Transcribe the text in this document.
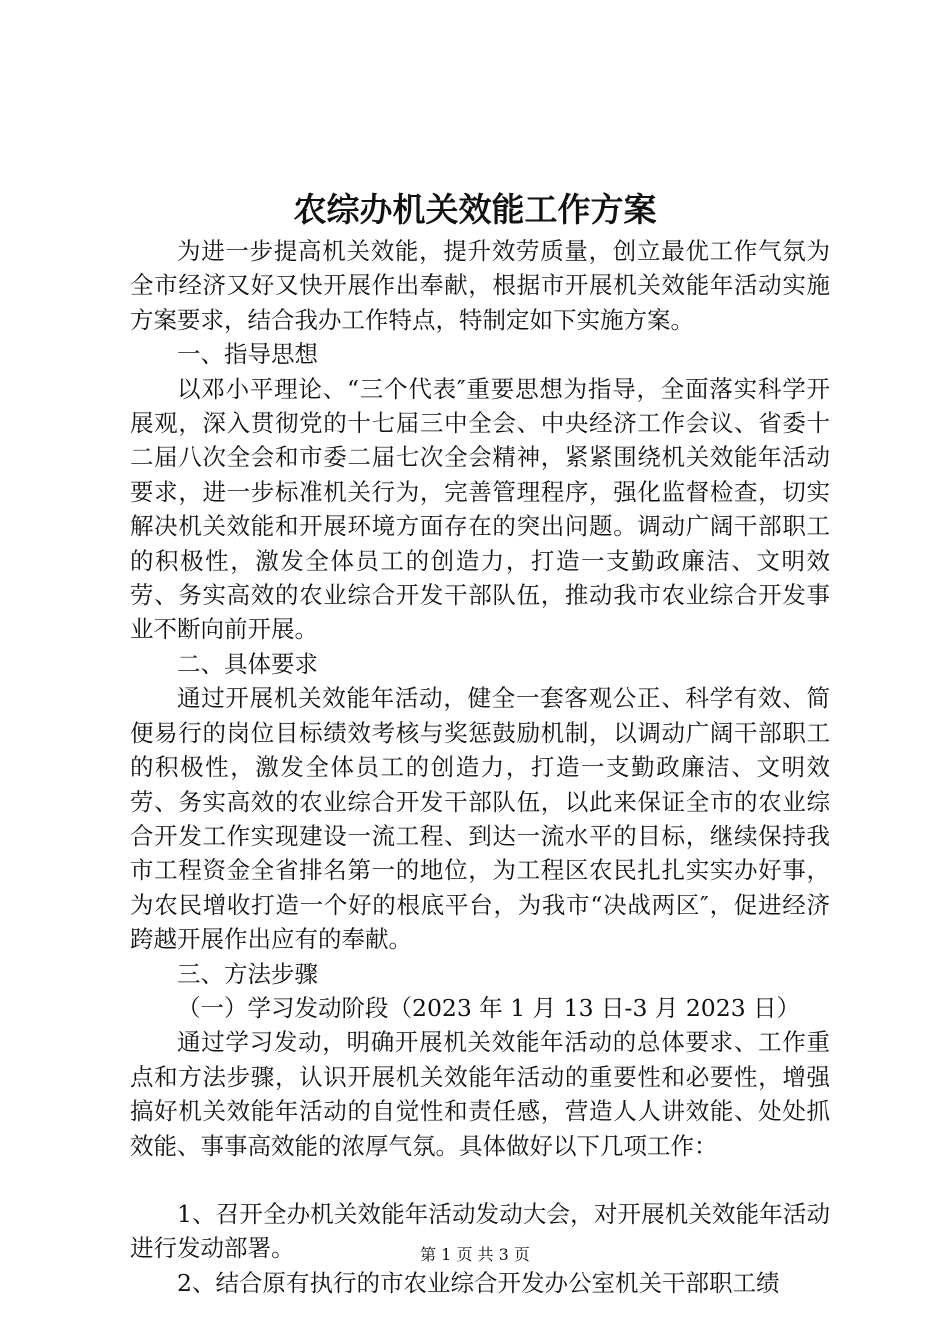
农综办机关效能工作方案

为进一步提高机关效能，提升效劳质量，创立最优工作气氛为全市经济又好又快开展作出奉献，根据市开展机关效能年活动实施方案要求，结合我办工作特点，特制定如下实施方案。

一、指导思想

以邓小平理论、“三个代表″重要思想为指导，全面落实科学开展观，深入贯彻党的十七届三中全会、中央经济工作会议、省委十二届八次全会和市委二届七次全会精神，紧紧围绕机关效能年活动要求，进一步标准机关行为，完善管理程序，强化监督检查，切实解决机关效能和开展环境方面存在的突出问题。调动广阔干部职工的积极性，激发全体员工的创造力，打造一支勤政廉洁、文明效劳、务实高效的农业综合开发干部队伍，推动我市农业综合开发事业不断向前开展。

二、具体要求

通过开展机关效能年活动，健全一套客观公正、科学有效、简便易行的岗位目标绩效考核与奖惩鼓励机制，以调动广阔干部职工的积极性，激发全体员工的创造力，打造一支勤政廉洁、文明效劳、务实高效的农业综合开发干部队伍，以此来保证全市的农业综合开发工作实现建设一流工程、到达一流水平的目标，继续保持我市工程资金全省排名第一的地位，为工程区农民扎扎实实办好事，为农民增收打造一个好的根底平台，为我市“决战两区″，促进经济跨越开展作出应有的奉献。

三、方法步骤

（一）学习发动阶段（2023 年 1 月 13 日-3 月 2023 日）

通过学习发动，明确开展机关效能年活动的总体要求、工作重点和方法步骤，认识开展机关效能年活动的重要性和必要性，增强搞好机关效能年活动的自觉性和责任感，营造人人讲效能、处处抓效能、事事高效能的浓厚气氛。具体做好以下几项工作：

1、召开全办机关效能年活动发动大会，对开展机关效能年活动进行发动部署。

2、结合原有执行的市农业综合开发办公室机关干部职工绩

第 1 页 共 3 页
